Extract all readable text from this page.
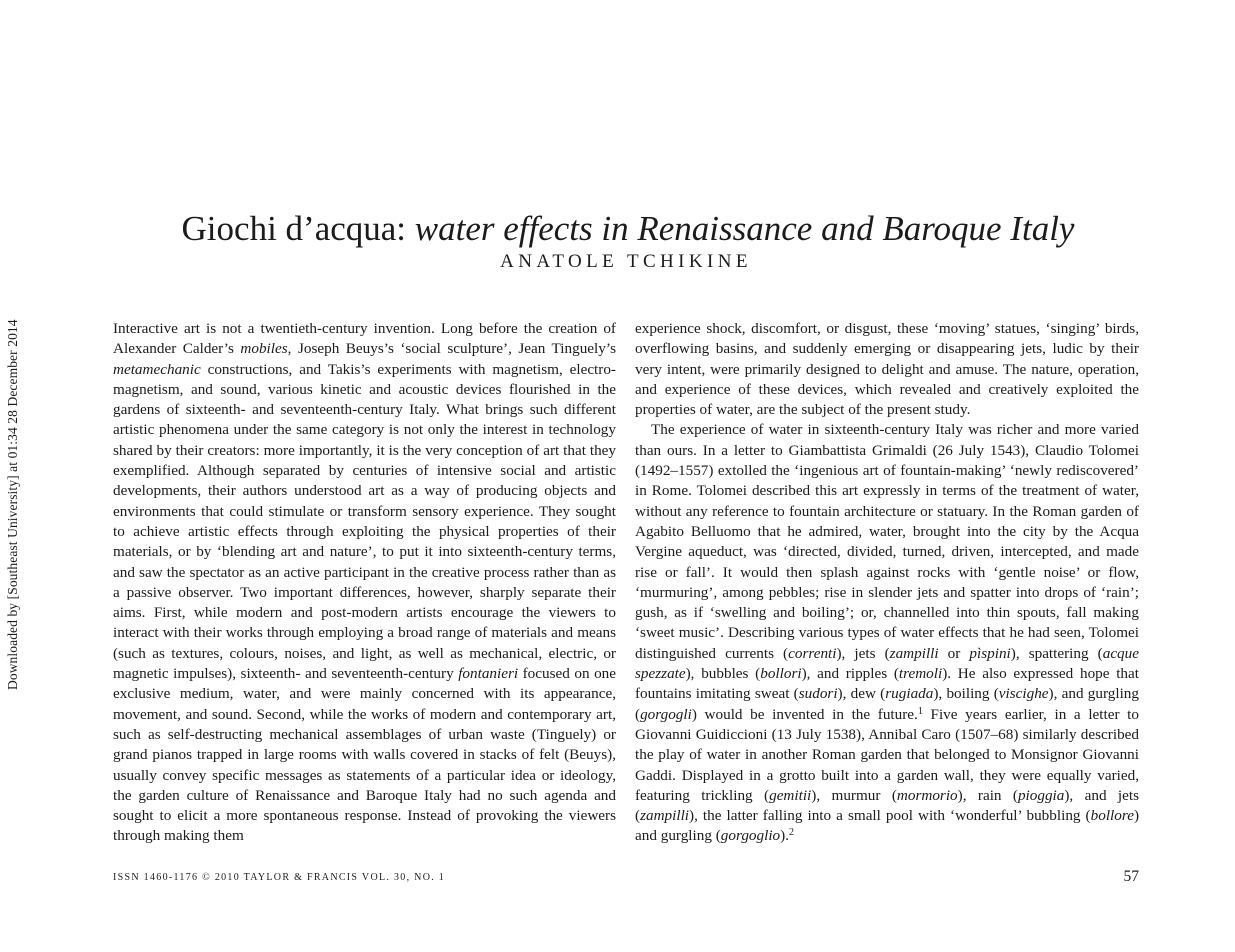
Downloaded by [Southeast University] at 01:34 28 December 2014
Giochi d’acqua: water effects in Renaissance and Baroque Italy
ANATOLE TCHIKINE

Interactive art is not a twentieth-century invention. Long before the creation of Alexander Calder’s mobiles, Joseph Beuys’s ‘social sculpture’, Jean Tinguely’s metamechanic constructions, and Takis’s experiments with magnetism, electro-magnetism, and sound, various kinetic and acoustic devices flourished in the gardens of sixteenth- and seventeenth-century Italy. What brings such different artistic phenomena under the same category is not only the interest in technology shared by their creators: more importantly, it is the very conception of art that they exemplified. Although separated by centuries of intensive social and artistic developments, their authors understood art as a way of producing objects and environments that could stimulate or transform sensory experience. They sought to achieve artistic effects through exploiting the physical properties of their materials, or by ‘blending art and nature’, to put it into sixteenth-century terms, and saw the spectator as an active participant in the creative process rather than as a passive observer. Two important differences, however, sharply separate their aims. First, while modern and post-modern artists encourage the viewers to interact with their works through employing a broad range of materials and means (such as textures, colours, noises, and light, as well as mechanical, electric, or magnetic impulses), sixteenth- and seventeenth-century fontanieri focused on one exclusive medium, water, and were mainly concerned with its appearance, movement, and sound. Second, while the works of modern and contemporary art, such as self-destructing mechanical assemblages of urban waste (Tinguely) or grand pianos trapped in large rooms with walls covered in stacks of felt (Beuys), usually convey specific messages as statements of a particular idea or ideology, the garden culture of Renaissance and Baroque Italy had no such agenda and sought to elicit a more spontaneous response. Instead of provoking the viewers through making them

experience shock, discomfort, or disgust, these ‘moving’ statues, ‘singing’ birds, overflowing basins, and suddenly emerging or disappearing jets, ludic by their very intent, were primarily designed to delight and amuse. The nature, operation, and experience of these devices, which revealed and creatively exploited the properties of water, are the subject of the present study.

The experience of water in sixteenth-century Italy was richer and more varied than ours. In a letter to Giambattista Grimaldi (26 July 1543), Claudio Tolomei (1492–1557) extolled the ‘ingenious art of fountain-making’ ‘newly rediscovered’ in Rome. Tolomei described this art expressly in terms of the treatment of water, without any reference to fountain architecture or statuary. In the Roman garden of Agabito Belluomo that he admired, water, brought into the city by the Acqua Vergine aqueduct, was ‘directed, divided, turned, driven, intercepted, and made rise or fall’. It would then splash against rocks with ‘gentle noise’ or flow, ‘murmuring’, among pebbles; rise in slender jets and spatter into drops of ‘rain’; gush, as if ‘swelling and boiling’; or, channelled into thin spouts, fall making ‘sweet music’. Describing various types of water effects that he had seen, Tolomei distinguished currents (correnti), jets (zampilli or pìspini), spattering (acque spezzate), bubbles (bollori), and ripples (tremoli). He also expressed hope that fountains imitating sweat (sudori), dew (rugiada), boiling (viscighe), and gurgling (gorgogli) would be invented in the future.$^1$ Five years earlier, in a letter to Giovanni Guidiccioni (13 July 1538), Annibal Caro (1507–68) similarly described the play of water in another Roman garden that belonged to Monsignor Giovanni Gaddi. Displayed in a grotto built into a garden wall, they were equally varied, featuring trickling (gemitii), murmur (mormorio), rain (pioggia), and jets (zampilli), the latter falling into a small pool with ‘wonderful’ bubbling (bollore) and gurgling (gorgoglio).$^2$

ISSN 1460-1176 © 2010 TAYLOR & FRANCIS VOL. 30, NO. 1	57
